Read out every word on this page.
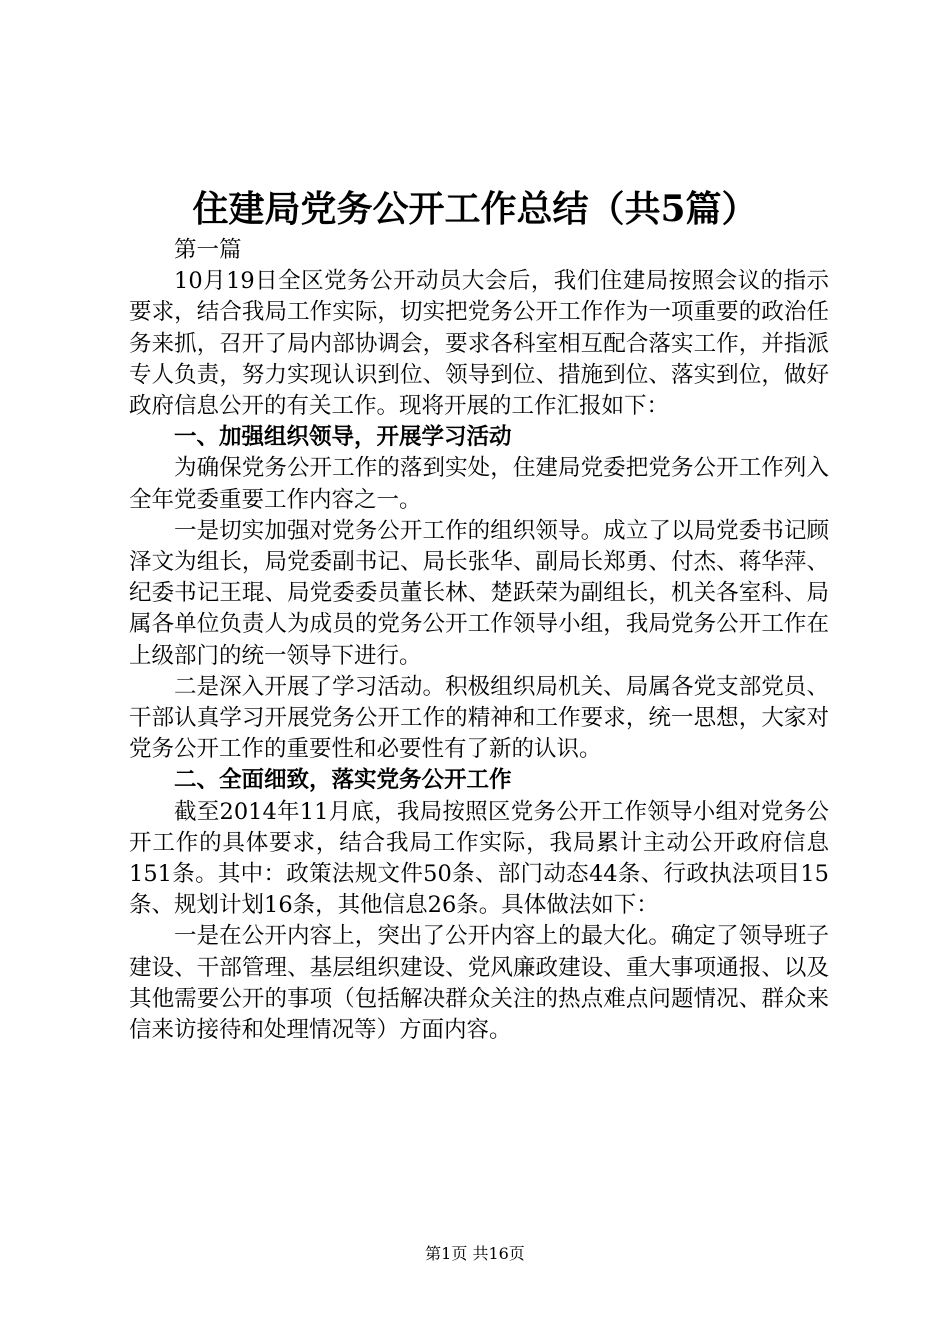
住建局党务公开工作总结（共5篇）

第一篇

10月19日全区党务公开动员大会后，我们住建局按照会议的指示要求，结合我局工作实际，切实把党务公开工作作为一项重要的政治任务来抓，召开了局内部协调会，要求各科室相互配合落实工作，并指派专人负责，努力实现认识到位、领导到位、措施到位、落实到位，做好政府信息公开的有关工作。现将开展的工作汇报如下：

一、加强组织领导，开展学习活动

为确保党务公开工作的落到实处，住建局党委把党务公开工作列入全年党委重要工作内容之一。

一是切实加强对党务公开工作的组织领导。成立了以局党委书记顾泽文为组长，局党委副书记、局长张华、副局长郑勇、付杰、蒋华萍、纪委书记王琨、局党委委员董长林、楚跃荣为副组长，机关各室科、局属各单位负责人为成员的党务公开工作领导小组，我局党务公开工作在上级部门的统一领导下进行。

二是深入开展了学习活动。积极组织局机关、局属各党支部党员、干部认真学习开展党务公开工作的精神和工作要求，统一思想，大家对党务公开工作的重要性和必要性有了新的认识。

二、全面细致，落实党务公开工作

截至2014年11月底，我局按照区党务公开工作领导小组对党务公开工作的具体要求，结合我局工作实际，我局累计主动公开政府信息151条。其中：政策法规文件50条、部门动态44条、行政执法项目15条、规划计划16条，其他信息26条。具体做法如下：

一是在公开内容上，突出了公开内容上的最大化。确定了领导班子建设、干部管理、基层组织建设、党风廉政建设、重大事项通报、以及其他需要公开的事项（包括解决群众关注的热点难点问题情况、群众来信来访接待和处理情况等）方面内容。

第1页 共16页
